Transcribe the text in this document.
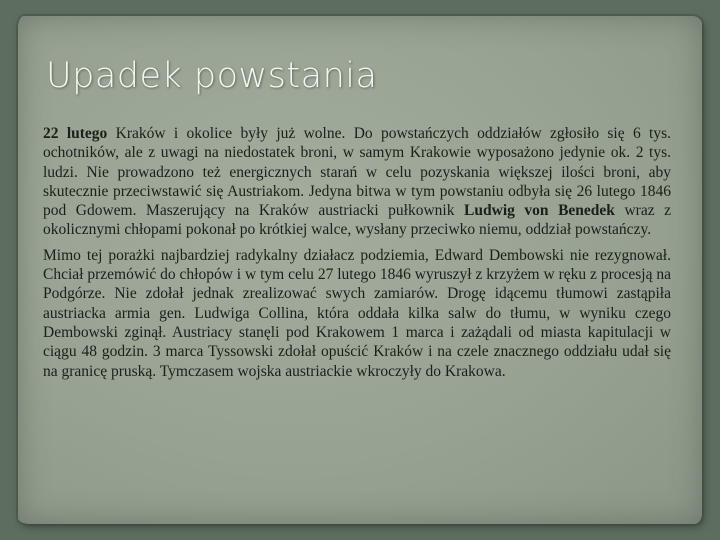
Upadek powstania

22 lutego Kraków i okolice były już wolne. Do powstańczych oddziałów zgłosiło się 6 tys. ochotników, ale z uwagi na niedostatek broni, w samym Krakowie wyposażono jedynie ok. 2 tys. ludzi. Nie prowadzono też energicznych starań w celu pozyskania większej ilości broni, aby skutecznie przeciwstawić się Austriakom. Jedyna bitwa w tym powstaniu odbyła się 26 lutego 1846 pod Gdowem. Maszerujący na Kraków austriacki pułkownik Ludwig von Benedek wraz z okolicznymi chłopami pokonał po krótkiej walce, wysłany przeciwko niemu, oddział powstańczy.

Mimo tej porażki najbardziej radykalny działacz podziemia, Edward Dembowski nie rezygnował. Chciał przemówić do chłopów i w tym celu 27 lutego 1846 wyruszył z krzyżem w ręku z procesją na Podgórze. Nie zdołał jednak zrealizować swych zamiarów. Drogę idącemu tłumowi zastąpiła austriacka armia gen. Ludwiga Collina, która oddała kilka salw do tłumu, w wyniku czego Dembowski zginął. Austriacy stanęli pod Krakowem 1 marca i zażądali od miasta kapitulacji w ciągu 48 godzin. 3 marca Tyssowski zdołał opuścić Kraków i na czele znacznego oddziału udał się na granicę pruską. Tymczasem wojska austriackie wkroczyły do Krakowa.
